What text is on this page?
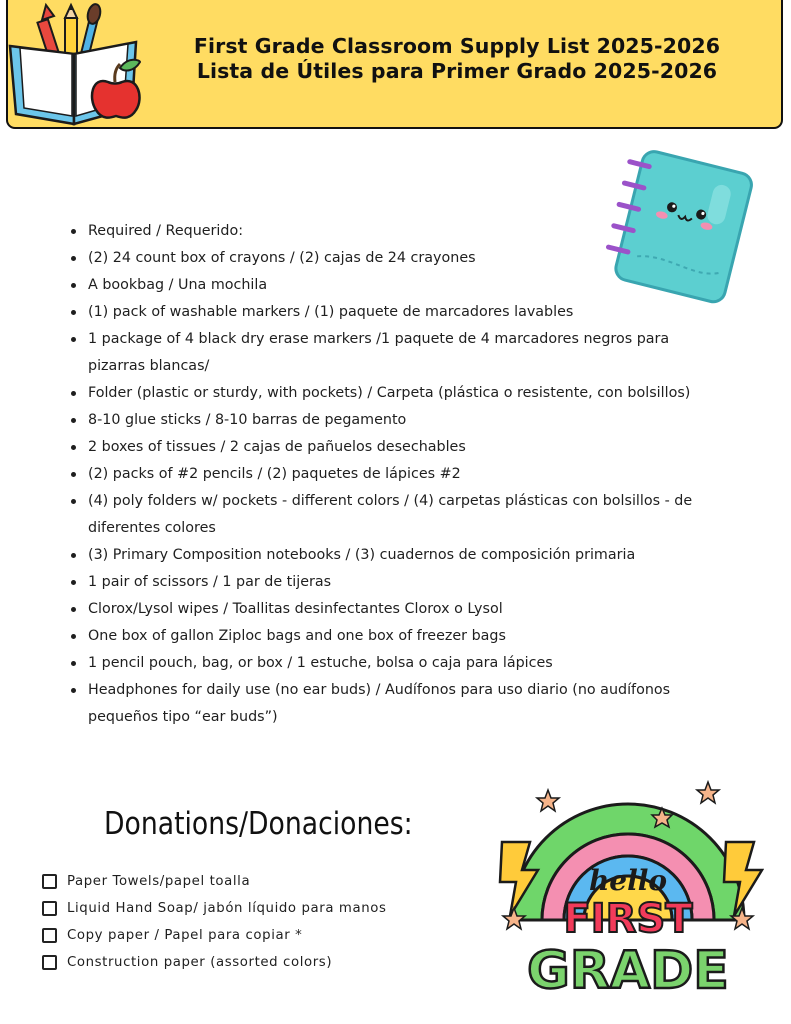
First Grade Classroom Supply List 2025-2026
Lista de Útiles para Primer Grado 2025-2026
Required / Requerido:
(2) 24 count box of crayons / (2) cajas de 24 crayones
A bookbag / Una mochila
(1) pack of washable markers / (1) paquete de marcadores lavables
1 package of 4 black dry erase markers /1 paquete de 4 marcadores negros para pizarras blancas/
Folder (plastic or sturdy, with pockets) / Carpeta (plástica o resistente, con bolsillos)
8-10 glue sticks / 8-10 barras de pegamento
2 boxes of tissues / 2 cajas de pañuelos desechables
(2) packs of #2 pencils / (2) paquetes de lápices #2
(4) poly folders w/ pockets - different colors / (4) carpetas plásticas con bolsillos - de diferentes colores
(3) Primary Composition notebooks / (3) cuadernos de composición primaria
1 pair of scissors / 1 par de tijeras
Clorox/Lysol wipes / Toallitas desinfectantes Clorox o Lysol
One box of gallon Ziploc bags and one box of freezer bags
1 pencil pouch, bag, or box / 1 estuche, bolsa o caja para lápices
Headphones for daily use (no ear buds) / Audífonos para uso diario (no audífonos pequeños tipo “ear buds”)
Donations/Donaciones:
Paper Towels/papel toalla
Liquid Hand Soap/ jabón líquido para manos
Copy paper / Papel para copiar *
Construction paper (assorted colors)
hello
FIRST
GRADE
